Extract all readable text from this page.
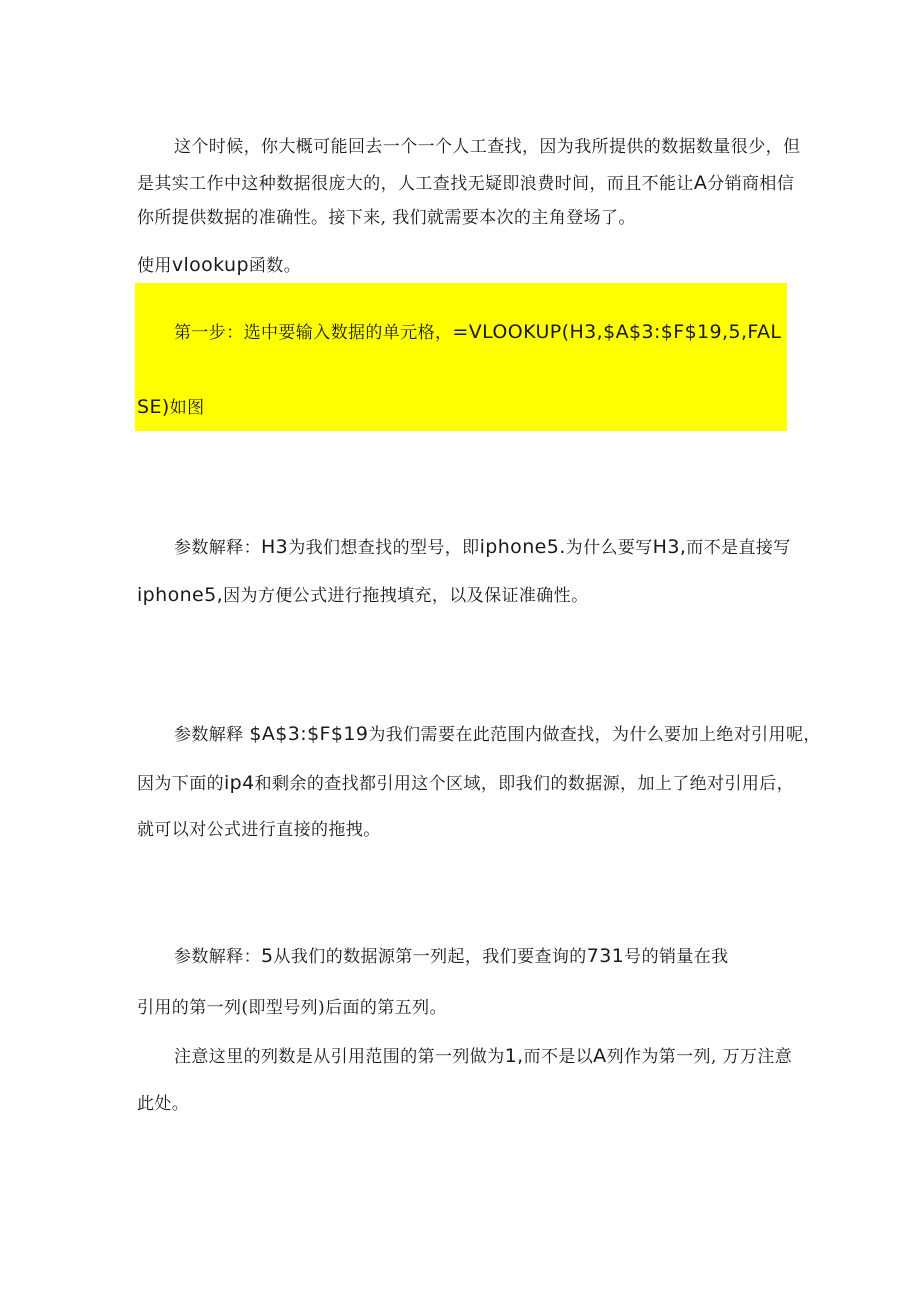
这个时候，你大概可能回去一个一个人工查找，因为我所提供的数据数量很少，但
是其实工作中这种数据很庞大的，人工查找无疑即浪费时间，而且不能让A分销商相信
你所提供数据的准确性。接下来, 我们就需要本次的主角登场了。
使用vlookup函数。
第一步：选中要输入数据的单元格，=VLOOKUP(H3,$A$3:$F$19,5,FAL
SE)如图
参数解释：H3为我们想查找的型号，即iphone5.为什么要写H3,而不是直接写
iphone5,因为方便公式进行拖拽填充，以及保证准确性。
参数解释 $A$3:$F$19为我们需要在此范围内做查找，为什么要加上绝对引用呢，
因为下面的ip4和剩余的查找都引用这个区域，即我们的数据源，加上了绝对引用后，
就可以对公式进行直接的拖拽。
参数解释：5从我们的数据源第一列起，我们要查询的731号的销量在我
引用的第一列(即型号列)后面的第五列。
注意这里的列数是从引用范围的第一列做为1,而不是以A列作为第一列, 万万注意
此处。
